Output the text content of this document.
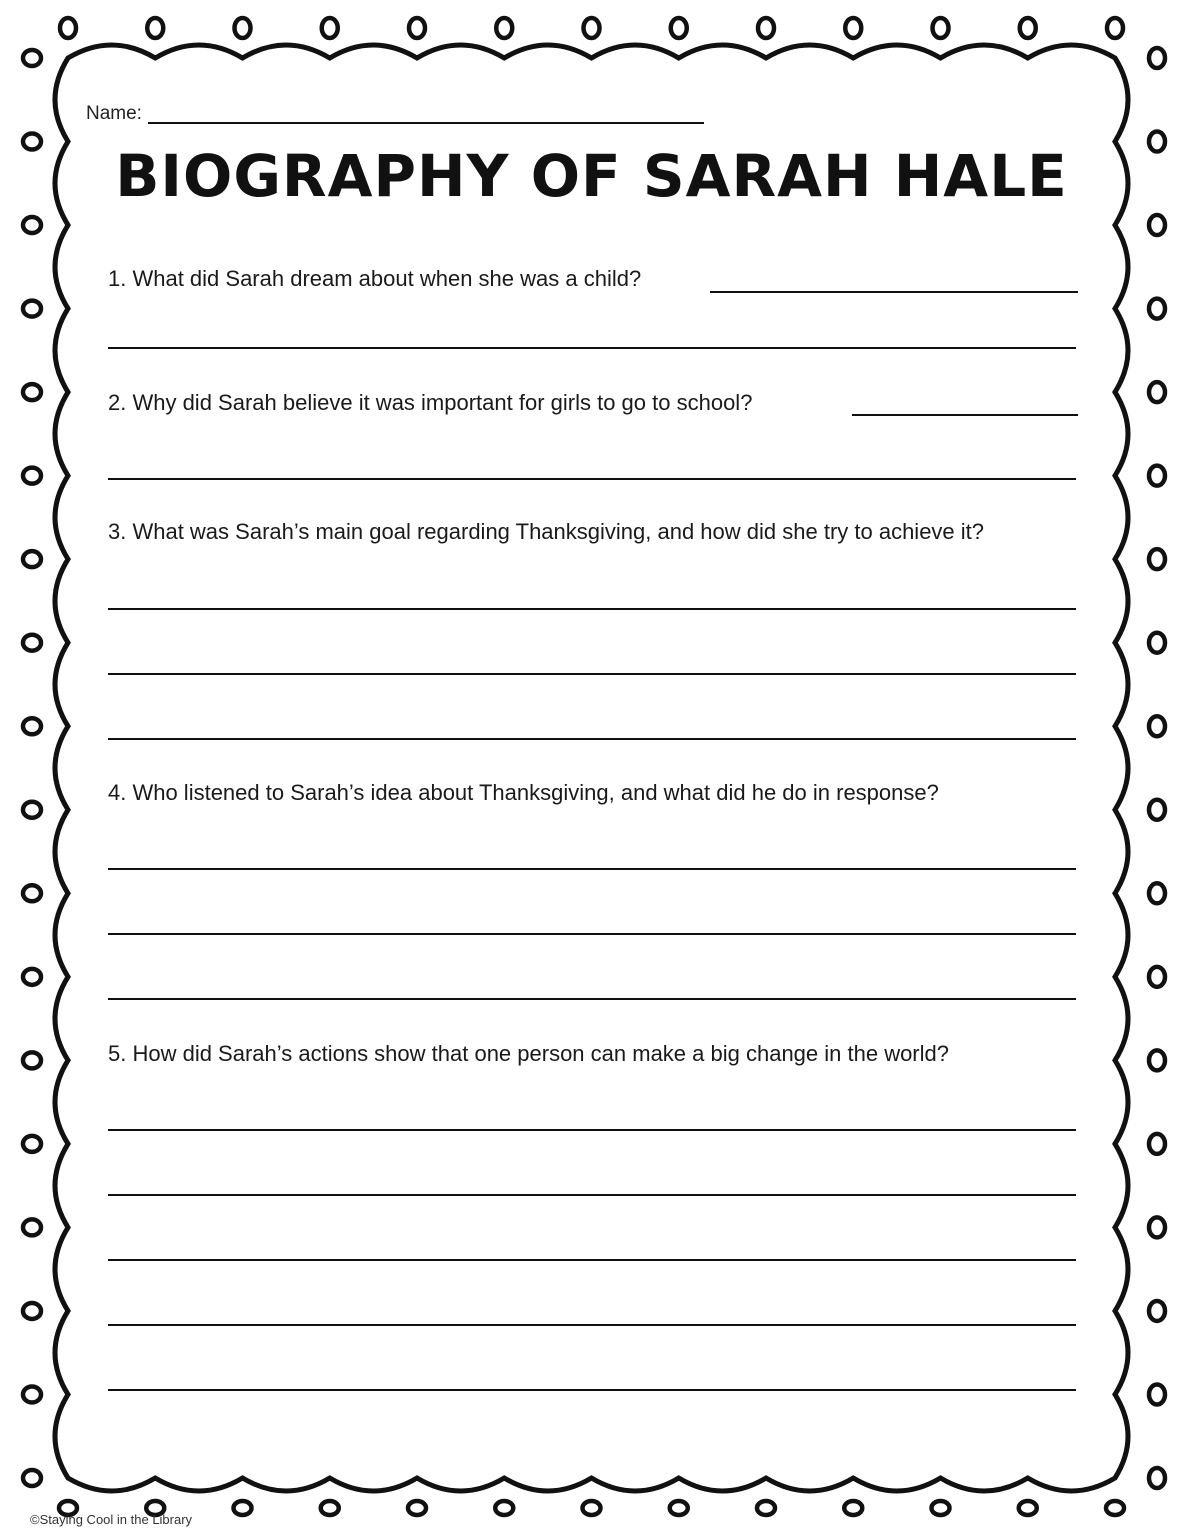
Name:
BIOGRAPHY OF SARAH HALE
1. What did Sarah dream about when she was a child?
2. Why did Sarah believe it was important for girls to go to school?
3. What was Sarah’s main goal regarding Thanksgiving, and how did she try to achieve it?
4. Who listened to Sarah’s idea about Thanksgiving, and what did he do in response?
5. How did Sarah’s actions show that one person can make a big change in the world?
©Staying Cool in the Library
